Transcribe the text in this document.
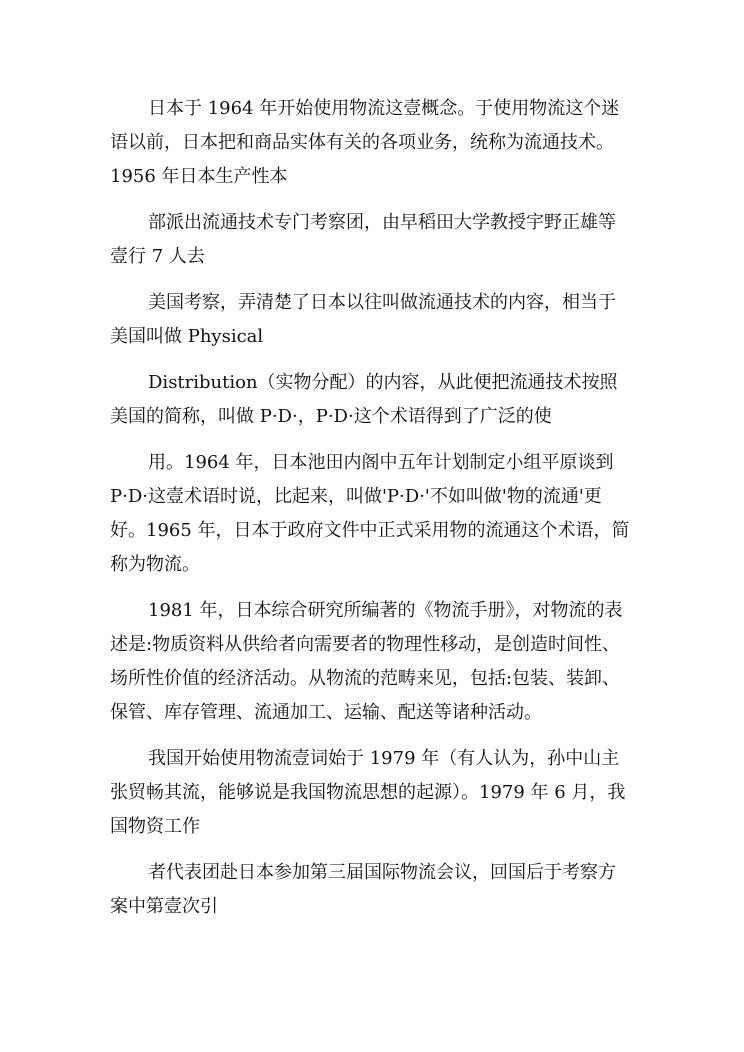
日本于 1964 年开始使用物流这壹概念。于使用物流这个迷
语以前，日本把和商品实体有关的各项业务，统称为流通技术。
1956 年日本生产性本
部派出流通技术专门考察团，由早稻田大学教授宇野正雄等
壹行 7 人去
美国考察，弄清楚了日本以往叫做流通技术的内容，相当于
美国叫做 Physical
Distribution（实物分配）的内容，从此便把流通技术按照
美国的简称，叫做 P·D·，P·D·这个术语得到了广泛的使
用。1964 年，日本池田内阁中五年计划制定小组平原谈到
P·D·这壹术语时说，比起来，叫做'P·D·'不如叫做'物的流通'更
好。1965 年，日本于政府文件中正式采用物的流通这个术语，简
称为物流。
1981 年，日本综合研究所编著的《物流手册》，对物流的表
述是:物质资料从供给者向需要者的物理性移动，是创造时间性、
场所性价值的经济活动。从物流的范畴来见，包括:包装、装卸、
保管、库存管理、流通加工、运输、配送等诸种活动。
我国开始使用物流壹词始于 1979 年（有人认为，孙中山主
张贸畅其流，能够说是我国物流思想的起源）。1979 年 6 月，我
国物资工作
者代表团赴日本参加第三届国际物流会议，回国后于考察方
案中第壹次引
